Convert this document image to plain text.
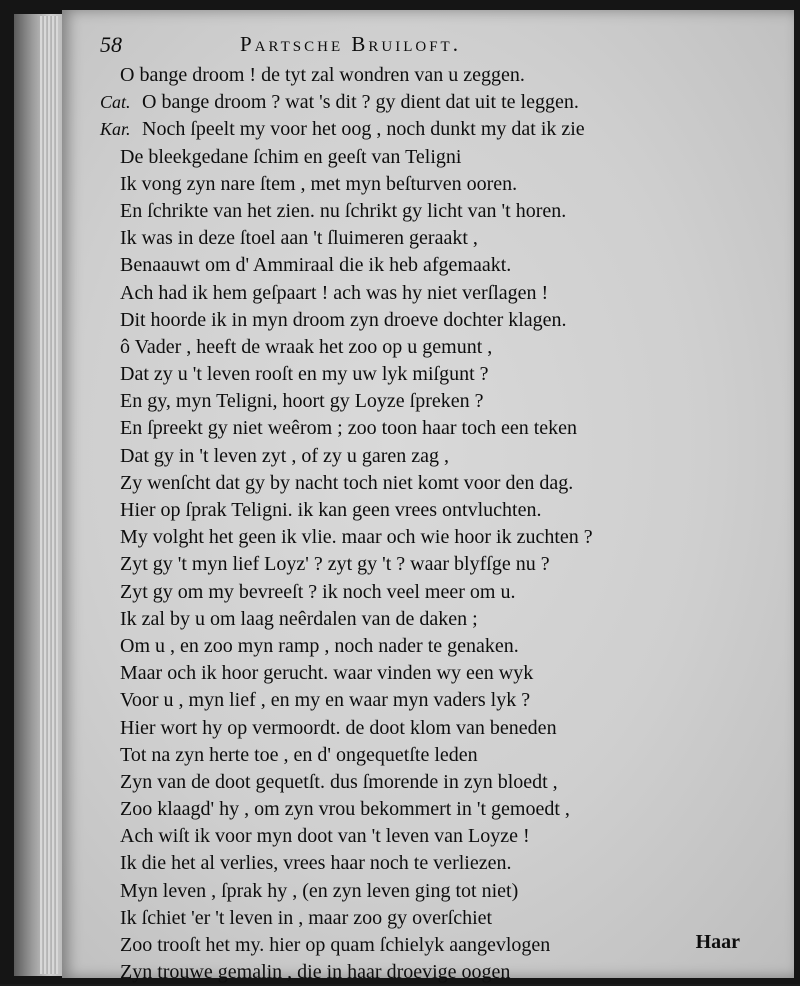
58	Partsche Bruiloft.
O bange droom ! de tyt zal wondren van u zeggen.
Cat. O bange droom ? wat 's dit ? gy dient dat uit te leggen.
Kar. Noch ſpeelt my voor het oog , noch dunkt my dat ik zie
De bleekgedane ſchim en geeſt van Teligni
Ik vong zyn nare ſtem , met myn beſturven ooren.
En ſchrikte van het zien. nu ſchrikt gy licht van 't horen.
Ik was in deze ſtoel aan 't ſluimeren geraakt ,
Benaauwt om d' Ammiraal die ik heb afgemaakt.
Ach had ik hem geſpaart ! ach was hy niet verſlagen !
Dit hoorde ik in myn droom zyn droeve dochter klagen.
ô Vader , heeft de wraak het zoo op u gemunt ,
Dat zy u 't leven rooſt en my uw lyk miſgunt ?
En gy, myn Teligni, hoort gy Loyze ſpreken ?
En ſpreekt gy niet weêrom ; zoo toon haar toch een teken
Dat gy in 't leven zyt , of zy u garen zag ,
Zy wenſcht dat gy by nacht toch niet komt voor den dag.
Hier op ſprak Teligni. ik kan geen vrees ontvluchten.
My volght het geen ik vlie. maar och wie hoor ik zuchten ?
Zyt gy 't myn lief Loyz' ? zyt gy 't ? waar blyfſge nu ?
Zyt gy om my bevreeſt ? ik noch veel meer om u.
Ik zal by u om laag neêrdalen van de daken ;
Om u , en zoo myn ramp , noch nader te genaken.
Maar och ik hoor gerucht. waar vinden wy een wyk
Voor u , myn lief , en my en waar myn vaders lyk ?
Hier wort hy op vermoordt. de doot klom van beneden
Tot na zyn herte toe , en d' ongequetſte leden
Zyn van de doot gequetſt. dus ſmorende in zyn bloedt ,
Zoo klaagd' hy , om zyn vrou bekommert in 't gemoedt ,
Ach wiſt ik voor myn doot van 't leven van Loyze !
Ik die het al verlies, vrees haar noch te verliezen.
Myn leven , ſprak hy , (en zyn leven ging tot niet)
Ik ſchiet 'er 't leven in , maar zoo gy overſchiet
Zoo trooſt het my. hier op quam ſchielyk aangevlogen
Zyn trouwe gemalin , die in haar droevige oogen
Haar
